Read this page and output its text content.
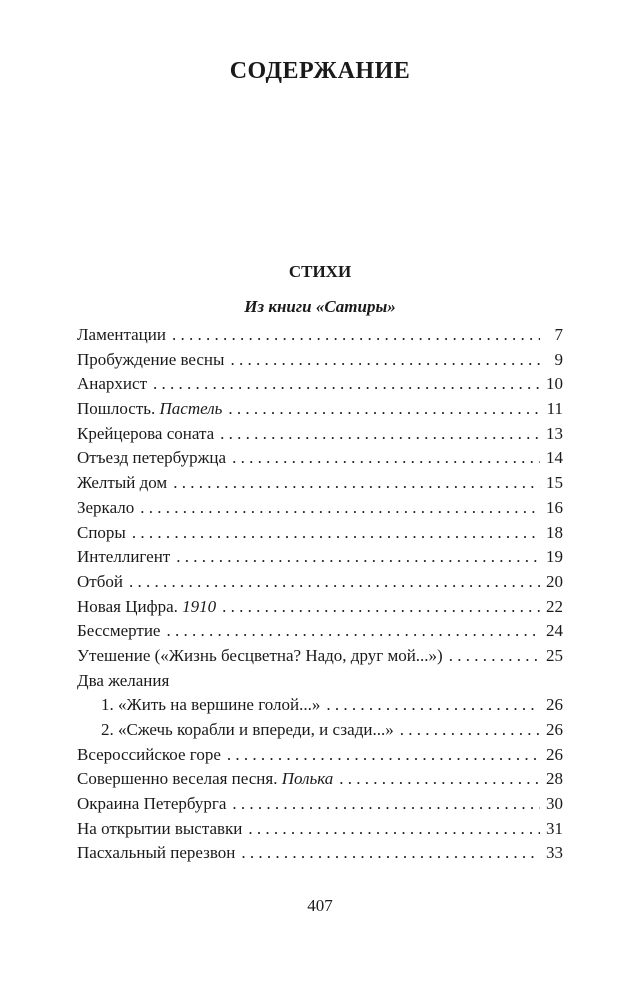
СОДЕРЖАНИЕ
СТИХИ
Из книги «Сатиры»
Ламентации . . .	7
Пробуждение весны . . .	9
Анархист . . .	10
Пошлость. Пастель . . .	11
Крейцерова соната . . .	13
Отъезд петербуржца . . .	14
Желтый дом . . .	15
Зеркало . . .	16
Споры . . .	18
Интеллигент . . .	19
Отбой . . .	20
Новая Цифра. 1910 . . .	22
Бессмертие . . .	24
Утешение («Жизнь бесцветна? Надо, друг мой...») . . .	25
Два желания
1. «Жить на вершине голой...» . . .	26
2. «Сжечь корабли и впереди, и сзади...» . . .	26
Всероссийское горе . . .	26
Совершенно веселая песня. Полька . . .	28
Окраина Петербурга . . .	30
На открытии выставки . . .	31
Пасхальный перезвон . . .	33
407
